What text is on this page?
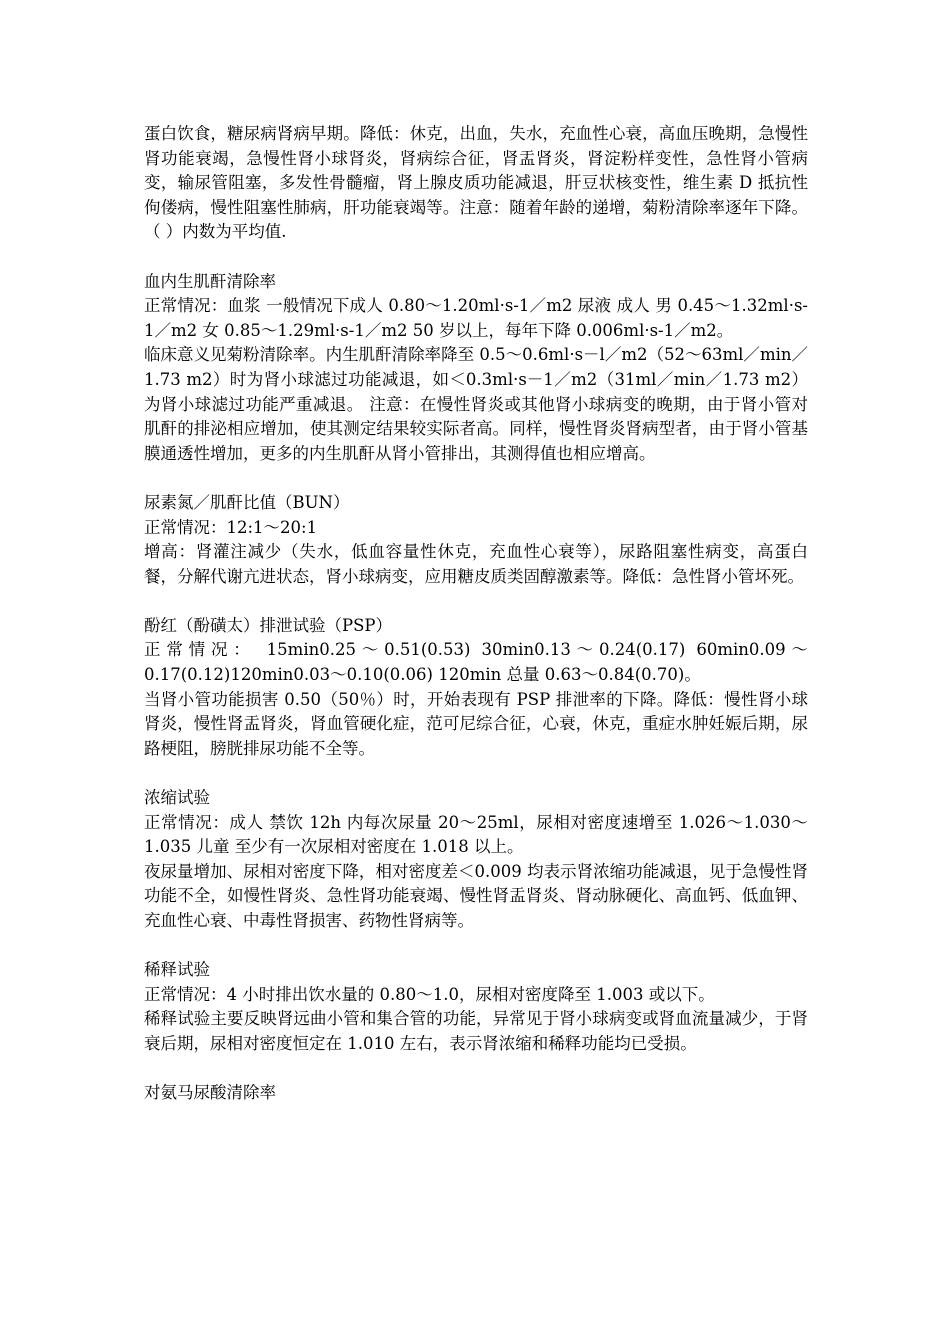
蛋白饮食，糖尿病肾病早期。降低：休克，出血，失水，充血性心衰，高血压晚期，急慢性肾功能衰竭，急慢性肾小球肾炎，肾病综合征，肾盂肾炎，肾淀粉样变性，急性肾小管病变，输尿管阻塞，多发性骨髓瘤，肾上腺皮质功能减退，肝豆状核变性，维生素 D 抵抗性佝偻病，慢性阻塞性肺病，肝功能衰竭等。注意：随着年龄的递增，菊粉清除率逐年下降。（ ）内数为平均值.

血内生肌酐清除率

正常情况：血浆 一般情况下成人 0.80～1.20ml·s-1／m2 尿液 成人 男 0.45～1.32ml·s-1／m2 女 0.85～1.29ml·s-1／m2 50 岁以上，每年下降 0.006ml·s-1／m2。

临床意义见菊粉清除率。内生肌酐清除率降至 0.5～0.6ml·s－l／m2（52～63ml／min／1.73 m2）时为肾小球滤过功能减退，如＜0.3ml·s－1／m2（31ml／min／1.73 m2）为肾小球滤过功能严重减退。 注意：在慢性肾炎或其他肾小球病变的晚期，由于肾小管对肌酐的排泌相应增加，使其测定结果较实际者高。同样，慢性肾炎肾病型者，由于肾小管基膜通透性增加，更多的内生肌酐从肾小管排出，其测得值也相应增高。

尿素氮／肌酐比值（BUN）

正常情况：12:1～20:1

增高：肾灌注减少（失水，低血容量性休克，充血性心衰等），尿路阻塞性病变，高蛋白餐，分解代谢亢进状态，肾小球病变，应用糖皮质类固醇激素等。降低：急性肾小管坏死。

酚红（酚磺太）排泄试验（PSP）

正常情况： 15min0.25～0.51(0.53) 30min0.13～0.24(0.17) 60min0.09～0.17(0.12)120min0.03～0.10(0.06) 120min 总量 0.63～0.84(0.70)。

当肾小管功能损害 0.50（50％）时，开始表现有 PSP 排泄率的下降。降低：慢性肾小球肾炎，慢性肾盂肾炎，肾血管硬化症，范可尼综合征，心衰，休克，重症水肿妊娠后期，尿路梗阻，膀胱排尿功能不全等。

浓缩试验

正常情况：成人 禁饮 12h 内每次尿量 20～25ml，尿相对密度速增至 1.026～1.030～1.035 儿童 至少有一次尿相对密度在 1.018 以上。

夜尿量增加、尿相对密度下降，相对密度差＜0.009 均表示肾浓缩功能减退，见于急慢性肾功能不全，如慢性肾炎、急性肾功能衰竭、慢性肾盂肾炎、肾动脉硬化、高血钙、低血钾、充血性心衰、中毒性肾损害、药物性肾病等。

稀释试验

正常情况：4 小时排出饮水量的 0.80～1.0，尿相对密度降至 1.003 或以下。

稀释试验主要反映肾远曲小管和集合管的功能，异常见于肾小球病变或肾血流量减少，于肾衰后期，尿相对密度恒定在 1.010 左右，表示肾浓缩和稀释功能均已受损。

对氨马尿酸清除率
